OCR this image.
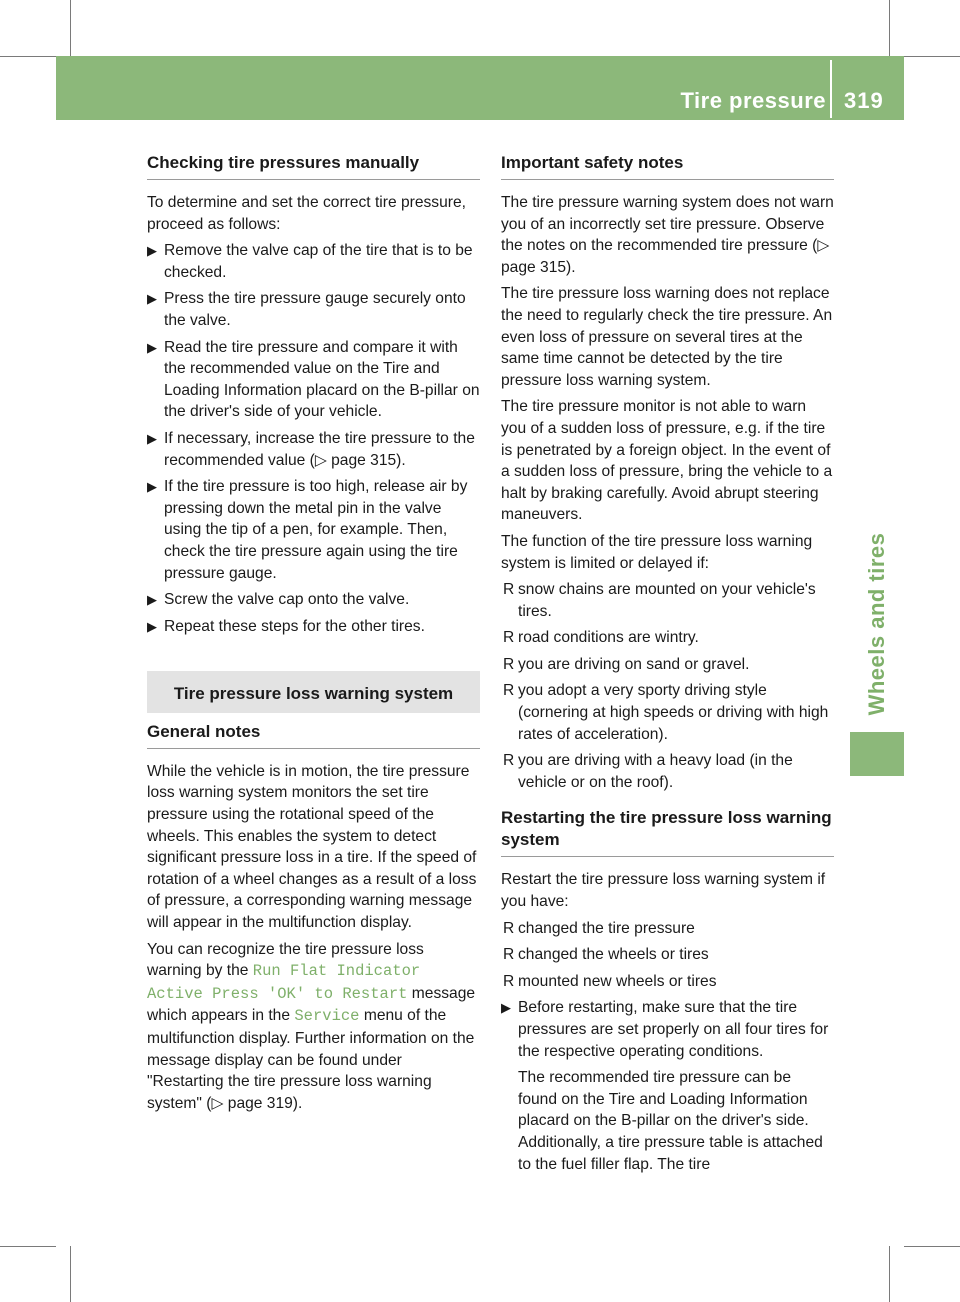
Tire pressure 319
Wheels and tires
Checking tire pressures manually

To determine and set the correct tire pressure, proceed as follows:

▶ Remove the valve cap of the tire that is to be checked.
▶ Press the tire pressure gauge securely onto the valve.
▶ Read the tire pressure and compare it with the recommended value on the Tire and Loading Information placard on the B-pillar on the driver's side of your vehicle.
▶ If necessary, increase the tire pressure to the recommended value (▷ page 315).
▶ If the tire pressure is too high, release air by pressing down the metal pin in the valve using the tip of a pen, for example. Then, check the tire pressure again using the tire pressure gauge.
▶ Screw the valve cap onto the valve.
▶ Repeat these steps for the other tires.
Tire pressure loss warning system
General notes

While the vehicle is in motion, the tire pressure loss warning system monitors the set tire pressure using the rotational speed of the wheels. This enables the system to detect significant pressure loss in a tire. If the speed of rotation of a wheel changes as a result of a loss of pressure, a corresponding warning message will appear in the multifunction display.

You can recognize the tire pressure loss warning by the Run Flat Indicator Active Press 'OK' to Restart message which appears in the Service menu of the multifunction display. Further information on the message display can be found under "Restarting the tire pressure loss warning system" (▷ page 319).

Important safety notes

The tire pressure warning system does not warn you of an incorrectly set tire pressure. Observe the notes on the recommended tire pressure (▷ page 315).

The tire pressure loss warning does not replace the need to regularly check the tire pressure. An even loss of pressure on several tires at the same time cannot be detected by the tire pressure loss warning system.

The tire pressure monitor is not able to warn you of a sudden loss of pressure, e.g. if the tire is penetrated by a foreign object. In the event of a sudden loss of pressure, bring the vehicle to a halt by braking carefully. Avoid abrupt steering maneuvers.

The function of the tire pressure loss warning system is limited or delayed if:

R snow chains are mounted on your vehicle's tires.
R road conditions are wintry.
R you are driving on sand or gravel.
R you adopt a very sporty driving style (cornering at high speeds or driving with high rates of acceleration).
R you are driving with a heavy load (in the vehicle or on the roof).
Restarting the tire pressure loss warning system

Restart the tire pressure loss warning system if you have:

R changed the tire pressure
R changed the wheels or tires
R mounted new wheels or tires
▶ Before restarting, make sure that the tire pressures are set properly on all four tires for the respective operating conditions.

The recommended tire pressure can be found on the Tire and Loading Information placard on the B-pillar on the driver's side. Additionally, a tire pressure table is attached to the fuel filler flap. The tire
